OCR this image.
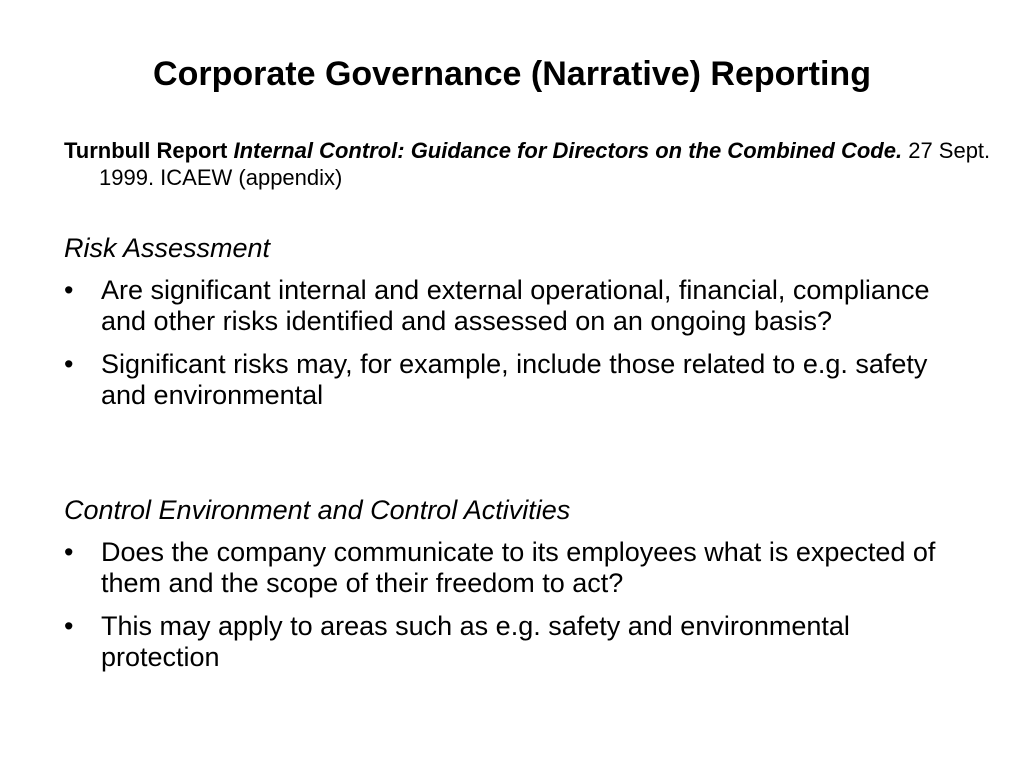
Corporate Governance (Narrative) Reporting
Turnbull Report Internal Control: Guidance for Directors on the Combined Code. 27 Sept. 1999. ICAEW (appendix)
Risk Assessment
•	Are significant internal and external operational, financial, compliance and other risks identified and assessed on an ongoing basis?
•	Significant risks may, for example, include those related to e.g. safety and environmental
Control Environment and Control Activities
•	Does the company communicate to its employees what is expected of them and the scope of their freedom to act?
•	This may apply to areas such as e.g. safety and environmental protection
